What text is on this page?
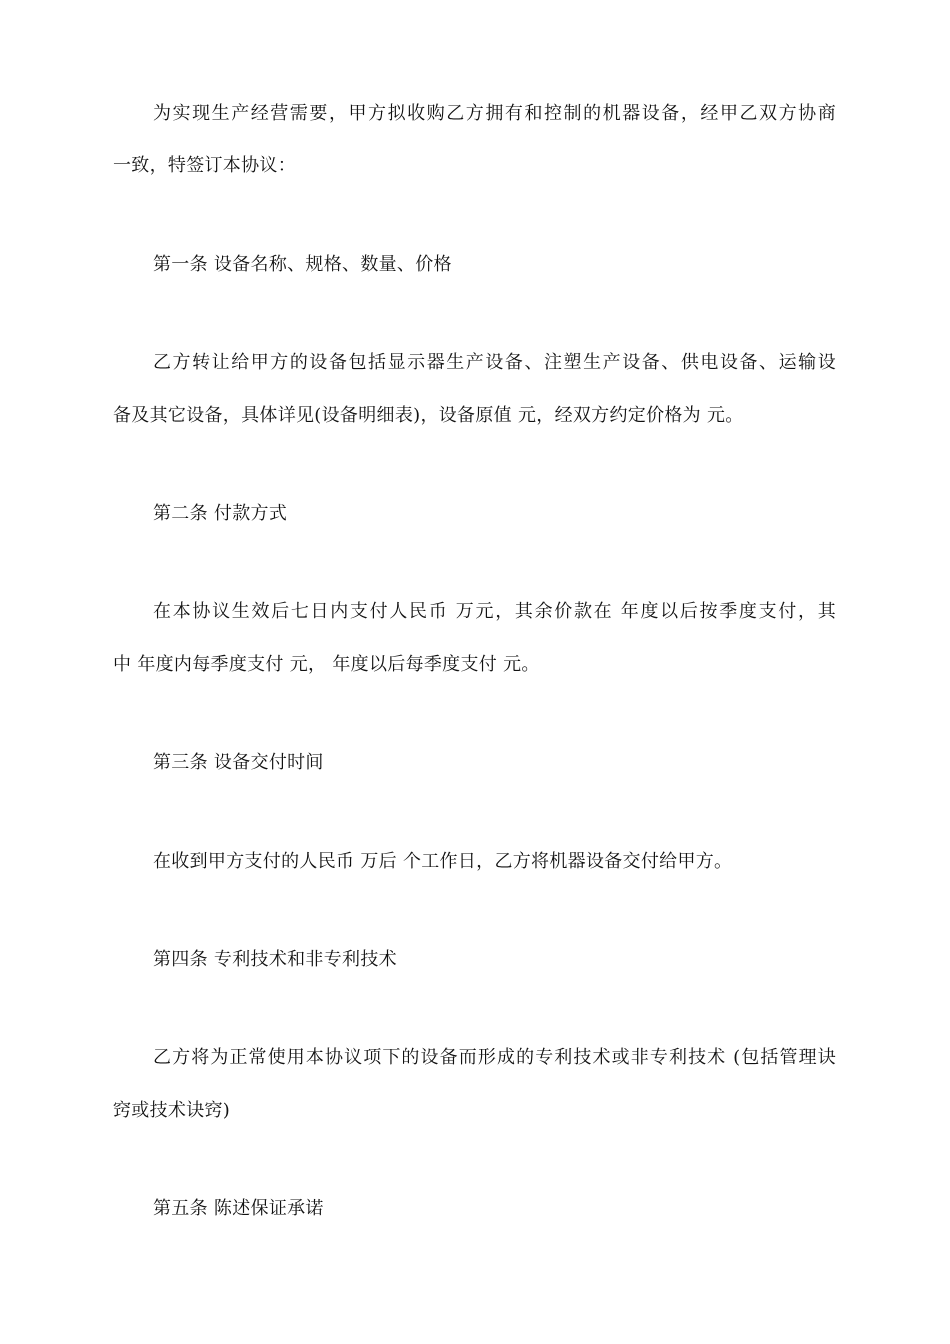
为实现生产经营需要，甲方拟收购乙方拥有和控制的机器设备，经甲乙双方协商
一致，特签订本协议：
第一条 设备名称、规格、数量、价格
乙方转让给甲方的设备包括显示器生产设备、注塑生产设备、供电设备、运输设
备及其它设备，具体详见(设备明细表)，设备原值 元，经双方约定价格为 元。
第二条 付款方式
在本协议生效后七日内支付人民币 万元，其余价款在 年度以后按季度支付，其
中 年度内每季度支付 元， 年度以后每季度支付 元。
第三条 设备交付时间
在收到甲方支付的人民币 万后 个工作日，乙方将机器设备交付给甲方。
第四条 专利技术和非专利技术
乙方将为正常使用本协议项下的设备而形成的专利技术或非专利技术 (包括管理诀
窍或技术诀窍)
第五条 陈述保证承诺
